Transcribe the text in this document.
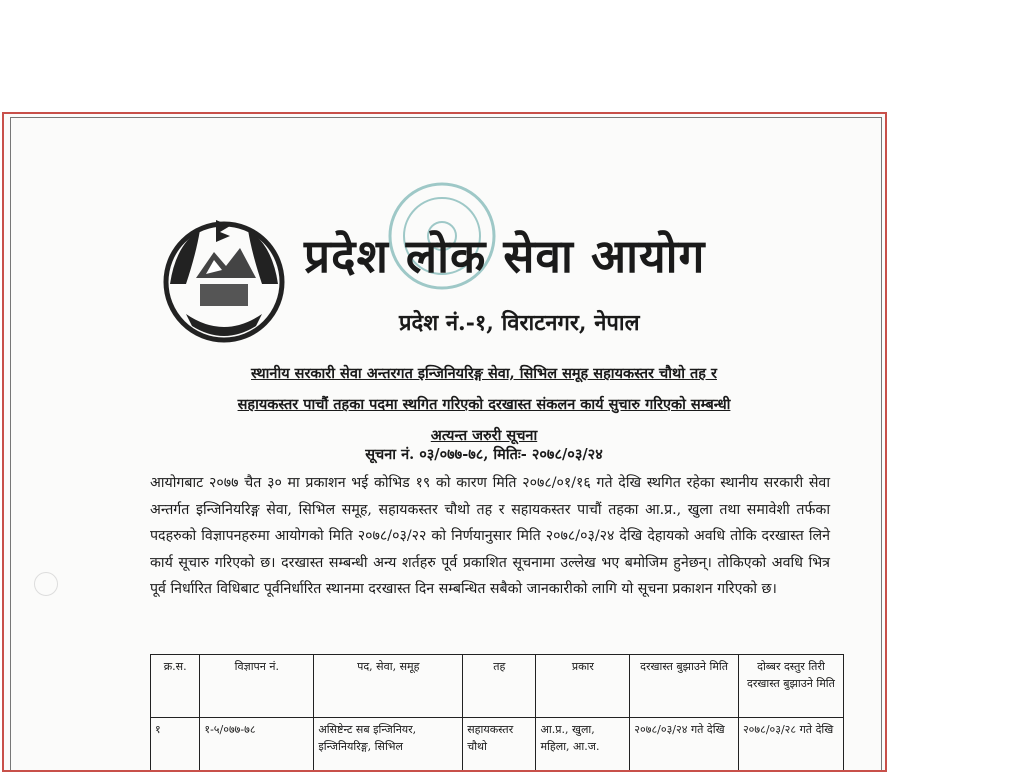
प्रदेश लोक सेवा आयोग
प्रदेश नं.-१, विराटनगर, नेपाल
स्थानीय सरकारी सेवा अन्तरगत इन्जिनियरिङ्ग सेवा, सिभिल समूह सहायकस्तर चौथो तह र
सहायकस्तर पाचौं तहका पदमा स्थगित गरिएको दरखास्त संकलन कार्य सुचारु गरिएको सम्बन्धी
अत्यन्त जरुरी सूचना
सूचना नं. ०३/०७७-७८, मितिः- २०७८/०३/२४
आयोगबाट २०७७ चैत ३० मा प्रकाशन भई कोभिड १९ को कारण मिति २०७८/०१/१६ गते देखि स्थगित रहेका स्थानीय सरकारी सेवा अन्तर्गत इन्जिनियरिङ्ग सेवा, सिभिल समूह, सहायकस्तर चौथो तह र सहायकस्तर पाचौं तहका आ.प्र., खुला तथा समावेशी तर्फका पदहरुको विज्ञापनहरुमा आयोगको मिति २०७८/०३/२२ को निर्णयानुसार मिति २०७८/०३/२४ देखि देहायको अवधि तोकि दरखास्त लिने कार्य सूचारु गरिएको छ। दरखास्त सम्बन्धी अन्य शर्तहरु पूर्व प्रकाशित सूचनामा उल्लेख भए बमोजिम हुनेछन्। तोकिएको अवधि भित्र पूर्व निर्धारित विधिबाट पूर्वनिर्धारित स्थानमा दरखास्त दिन सम्बन्धित सबैको जानकारीको लागि यो सूचना प्रकाशन गरिएको छ।
क्र.स.	विज्ञापन नं.	पद, सेवा, समूह	तह	प्रकार	दरखास्त बुझाउने मिति	दोब्बर दस्तुर तिरी दरखास्त बुझाउने मिति
१	१-५/०७७-७८	असिष्टेन्ट सब इन्जिनियर, इन्जिनियरिङ्ग, सिभिल	सहायकस्तर चौथो	आ.प्र., खुला, महिला, आ.ज.	२०७८/०३/२४ गते देखि	२०७८/०३/२८ गते देखि
